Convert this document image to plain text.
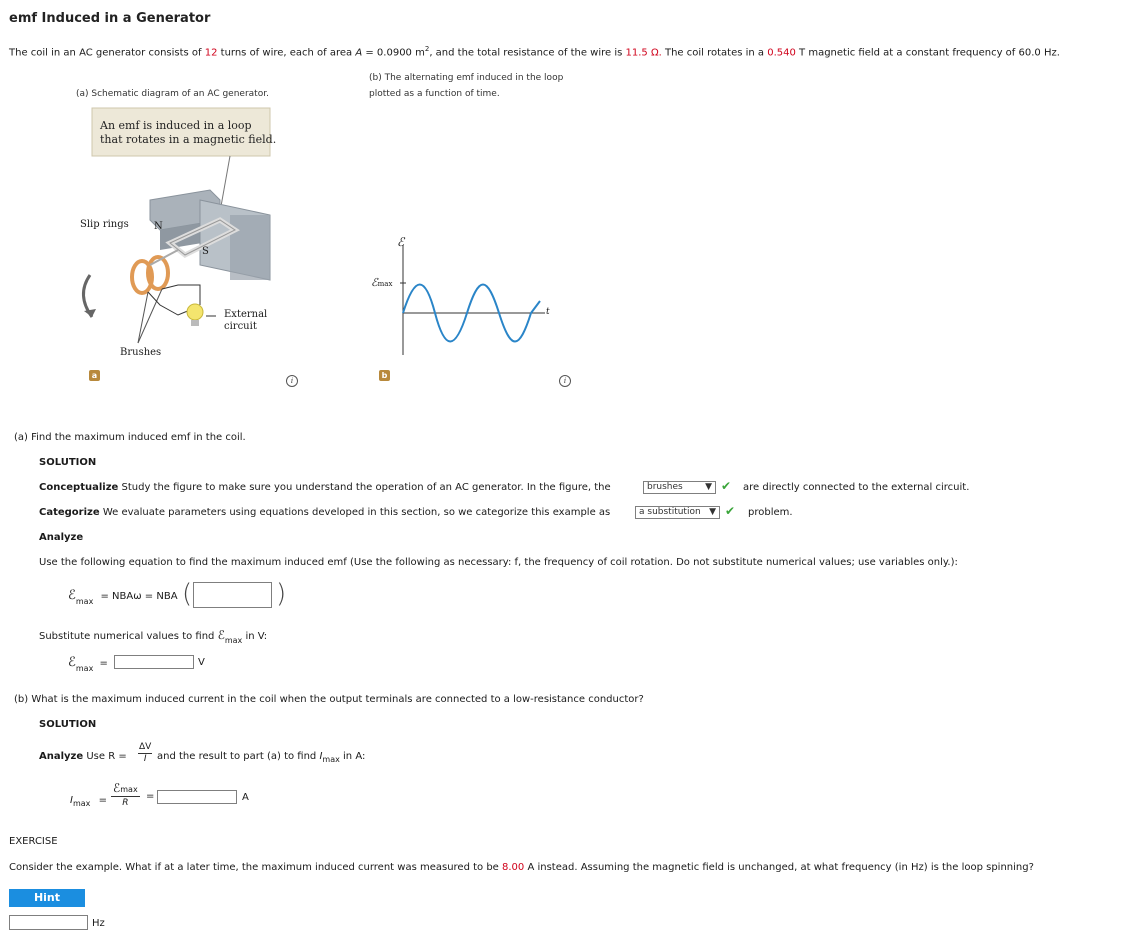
emf Induced in a Generator
The coil in an AC generator consists of 12 turns of wire, each of area A = 0.0900 $m^2$, and the total resistance of the wire is 11.5 Ω. The coil rotates in a 0.540 T magnetic field at a constant frequency of 60.0 Hz.
(a) Schematic diagram of an AC generator.
(b) The alternating emf induced in the loop
plotted as a function of time.
An emf is induced in a loop
that rotates in a magnetic field.
Slip rings	N
S
External
circuit
Brushes
a
i
ℰ
ℰmax
t
b
i
(a) Find the maximum induced emf in the coil.
SOLUTION
Conceptualize Study the figure to make sure you understand the operation of an AC generator. In the figure, the	brushes ▼ ✔ are directly connected to the external circuit.
Categorize We evaluate parameters using equations developed in this section, so we categorize this example as	a substitution ▼ ✔ problem.
Analyze
Use the following equation to find the maximum induced emf (Use the following as necessary: f, the frequency of coil rotation. Do not substitute numerical values; use variables only.):
ℰ$_{max}$ = NBAω = NBA (	)
Substitute numerical values to find ℰ$_{max}$ in V:
ℰ$_{max}$ =	V
(b) What is the maximum induced current in the coil when the output terminals are connected to a low-resistance conductor?
SOLUTION
Analyze Use R =
ΔV
I	and the result to part (a) to find $I_{max}$ in A:
$I_{max}$ =
ℰmax
R
=	A
EXERCISE
Consider the example. What if at a later time, the maximum induced current was measured to be 8.00 A instead. Assuming the magnetic field is unchanged, at what frequency (in Hz) is the loop spinning?
Hint
Hz
